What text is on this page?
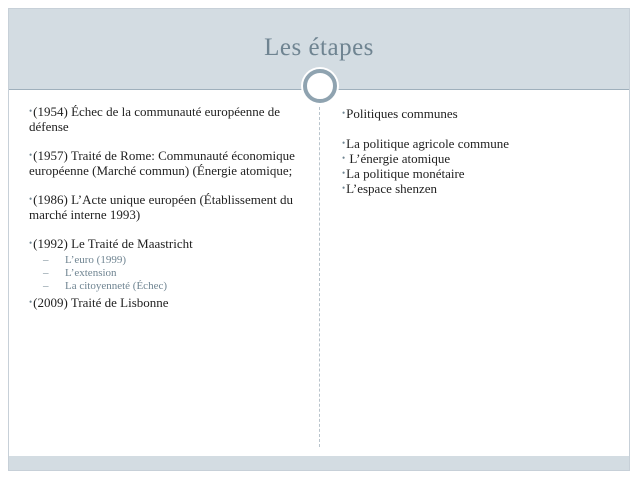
Les étapes
•(1954) Échec de la communauté européenne de défense
•(1957) Traité de Rome: Communauté économique européenne (Marché commun) (Énergie atomique;
•(1986) L’Acte unique européen (Établissement du marché interne 1993)
•(1992) Le Traité de Maastricht
– L’euro (1999)
– L’extension
– La citoyenneté (Échec)
•(2009) Traité de Lisbonne
•Politiques communes
•La politique agricole commune
• L’énergie atomique
•La politique monétaire
•L’espace shenzen
